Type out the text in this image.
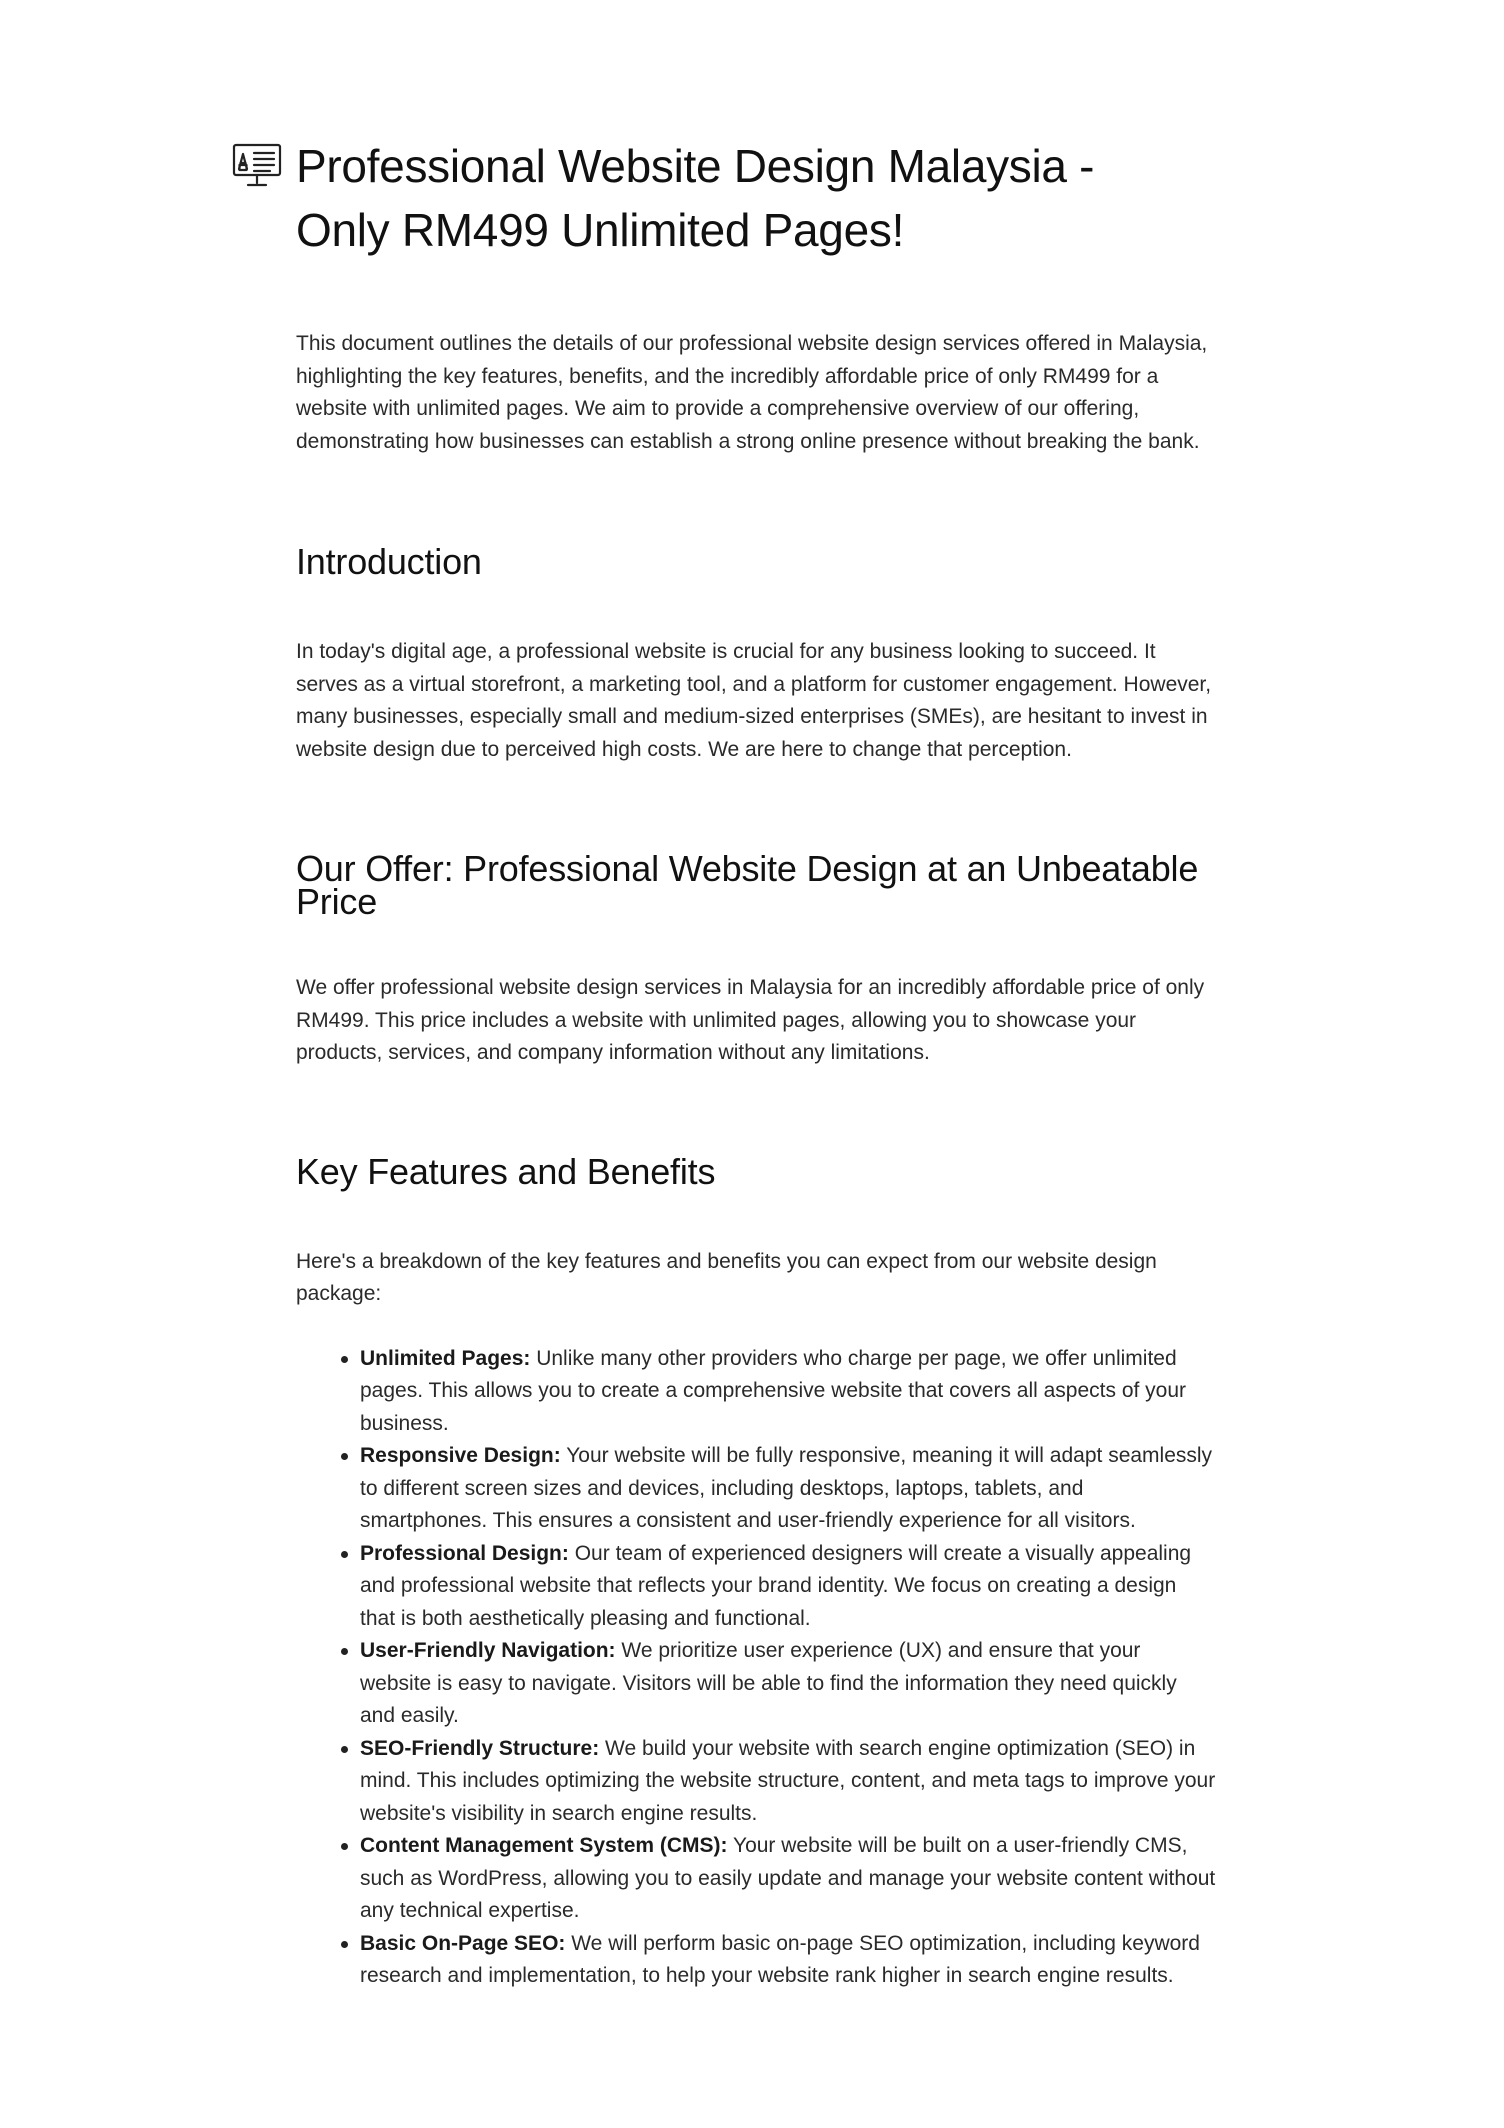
Professional Website Design Malaysia - Only RM499 Unlimited Pages!

This document outlines the details of our professional website design services offered in Malaysia, highlighting the key features, benefits, and the incredibly affordable price of only RM499 for a website with unlimited pages. We aim to provide a comprehensive overview of our offering, demonstrating how businesses can establish a strong online presence without breaking the bank.

Introduction

In today's digital age, a professional website is crucial for any business looking to succeed. It serves as a virtual storefront, a marketing tool, and a platform for customer engagement. However, many businesses, especially small and medium-sized enterprises (SMEs), are hesitant to invest in website design due to perceived high costs. We are here to change that perception.

Our Offer: Professional Website Design at an Unbeatable Price

We offer professional website design services in Malaysia for an incredibly affordable price of only RM499. This price includes a website with unlimited pages, allowing you to showcase your products, services, and company information without any limitations.

Key Features and Benefits

Here's a breakdown of the key features and benefits you can expect from our website design package:

Unlimited Pages: Unlike many other providers who charge per page, we offer unlimited pages. This allows you to create a comprehensive website that covers all aspects of your business.
Responsive Design: Your website will be fully responsive, meaning it will adapt seamlessly to different screen sizes and devices, including desktops, laptops, tablets, and smartphones. This ensures a consistent and user-friendly experience for all visitors.
Professional Design: Our team of experienced designers will create a visually appealing and professional website that reflects your brand identity. We focus on creating a design that is both aesthetically pleasing and functional.
User-Friendly Navigation: We prioritize user experience (UX) and ensure that your website is easy to navigate. Visitors will be able to find the information they need quickly and easily.
SEO-Friendly Structure: We build your website with search engine optimization (SEO) in mind. This includes optimizing the website structure, content, and meta tags to improve your website's visibility in search engine results.
Content Management System (CMS): Your website will be built on a user-friendly CMS, such as WordPress, allowing you to easily update and manage your website content without any technical expertise.
Basic On-Page SEO: We will perform basic on-page SEO optimization, including keyword research and implementation, to help your website rank higher in search engine results.
